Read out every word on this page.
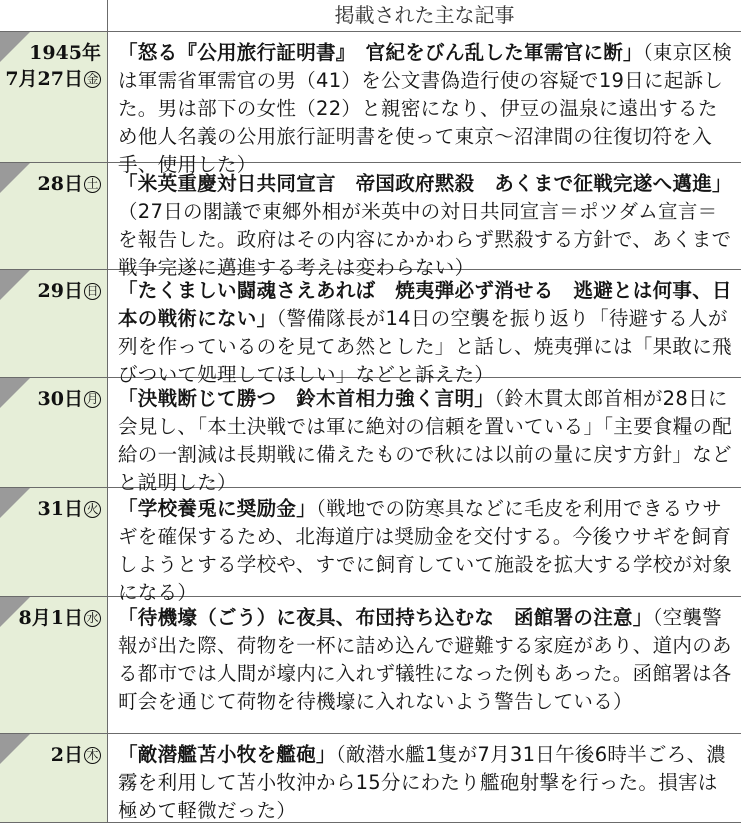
掲載された主な記事
1945年
7月27日 金
「怒る『公用旅行証明書』　官紀をびん乱した軍需官に断」（東京区検は軍需省軍需官の男（41）を公文書偽造行使の容疑で19日に起訴した。男は部下の女性（22）と親密になり、伊豆の温泉に遠出するため他人名義の公用旅行証明書を使って東京～沼津間の往復切符を入手、使用した）
28日 土 「米英重慶対日共同宣言　帝国政府黙殺　あくまで征戦完遂へ邁進」（27日の閣議で東郷外相が米英中の対日共同宣言＝ポツダム宣言＝を報告した。政府はその内容にかかわらず黙殺する方針で、あくまで戦争完遂に邁進する考えは変わらない）
29日 日 「たくましい闘魂さえあれば　焼夷弾必ず消せる　逃避とは何事、日本の戦術にない」（警備隊長が14日の空襲を振り返り「待避する人が列を作っているのを見てあ然とした」と話し、焼夷弾には「果敢に飛びついて処理してほしい」などと訴えた）
30日 月 「決戦断じて勝つ　鈴木首相力強く言明」（鈴木貫太郎首相が28日に会見し、「本土決戦では軍に絶対の信頼を置いている」「主要食糧の配給の一割減は長期戦に備えたもので秋には以前の量に戻す方針」などと説明した）
31日 火 「学校養兎に奨励金」（戦地での防寒具などに毛皮を利用できるウサギを確保するため、北海道庁は奨励金を交付する。今後ウサギを飼育しようとする学校や、すでに飼育していて施設を拡大する学校が対象になる）
8月1日 水 「待機壕（ごう）に夜具、布団持ち込むな　函館署の注意」（空襲警報が出た際、荷物を一杯に詰め込んで避難する家庭があり、道内のある都市では人間が壕内に入れず犠牲になった例もあった。函館署は各町会を通じて荷物を待機壕に入れないよう警告している）
2日 木 「敵潜艦苫小牧を艦砲」（敵潜水艦1隻が7月31日午後6時半ごろ、濃霧を利用して苫小牧沖から15分にわたり艦砲射撃を行った。損害は極めて軽微だった）
